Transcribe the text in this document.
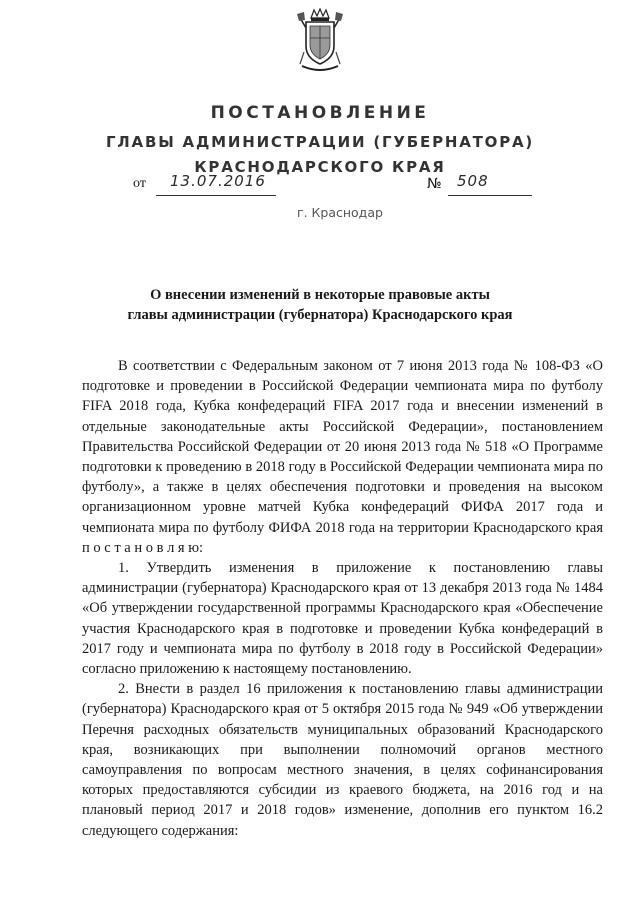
ПОСТАНОВЛЕНИЕ
ГЛАВЫ АДМИНИСТРАЦИИ (ГУБЕРНАТОРА)
КРАСНОДАРСКОГО КРАЯ
от 13.07.2016	№ 508
г. Краснодар
О внесении изменений в некоторые правовые акты
главы администрации (губернатора) Краснодарского края

В соответствии с Федеральным законом от 7 июня 2013 года № 108-ФЗ «О подготовке и проведении в Российской Федерации чемпионата мира по футболу FIFA 2018 года, Кубка конфедераций FIFA 2017 года и внесении изменений в отдельные законодательные акты Российской Федерации», постановлением Правительства Российской Федерации от 20 июня 2013 года № 518 «О Программе подготовки к проведению в 2018 году в Российской Федерации чемпионата мира по футболу», а также в целях обеспечения подготовки и проведения на высоком организационном уровне матчей Кубка конфедераций ФИФА 2017 года и чемпионата мира по футболу ФИФА 2018 года на территории Краснодарского края п о с т а н о в л я ю:

1. Утвердить изменения в приложение к постановлению главы администрации (губернатора) Краснодарского края от 13 декабря 2013 года № 1484 «Об утверждении государственной программы Краснодарского края «Обеспечение участия Краснодарского края в подготовке и проведении Кубка конфедераций в 2017 году и чемпионата мира по футболу в 2018 году в Российской Федерации» согласно приложению к настоящему постановлению.

2. Внести в раздел 16 приложения к постановлению главы администрации (губернатора) Краснодарского края от 5 октября 2015 года № 949 «Об утверждении Перечня расходных обязательств муниципальных образований Краснодарского края, возникающих при выполнении полномочий органов местного самоуправления по вопросам местного значения, в целях софинансирования которых предоставляются субсидии из краевого бюджета, на 2016 год и на плановый период 2017 и 2018 годов» изменение, дополнив его пунктом 16.2 следующего содержания:
